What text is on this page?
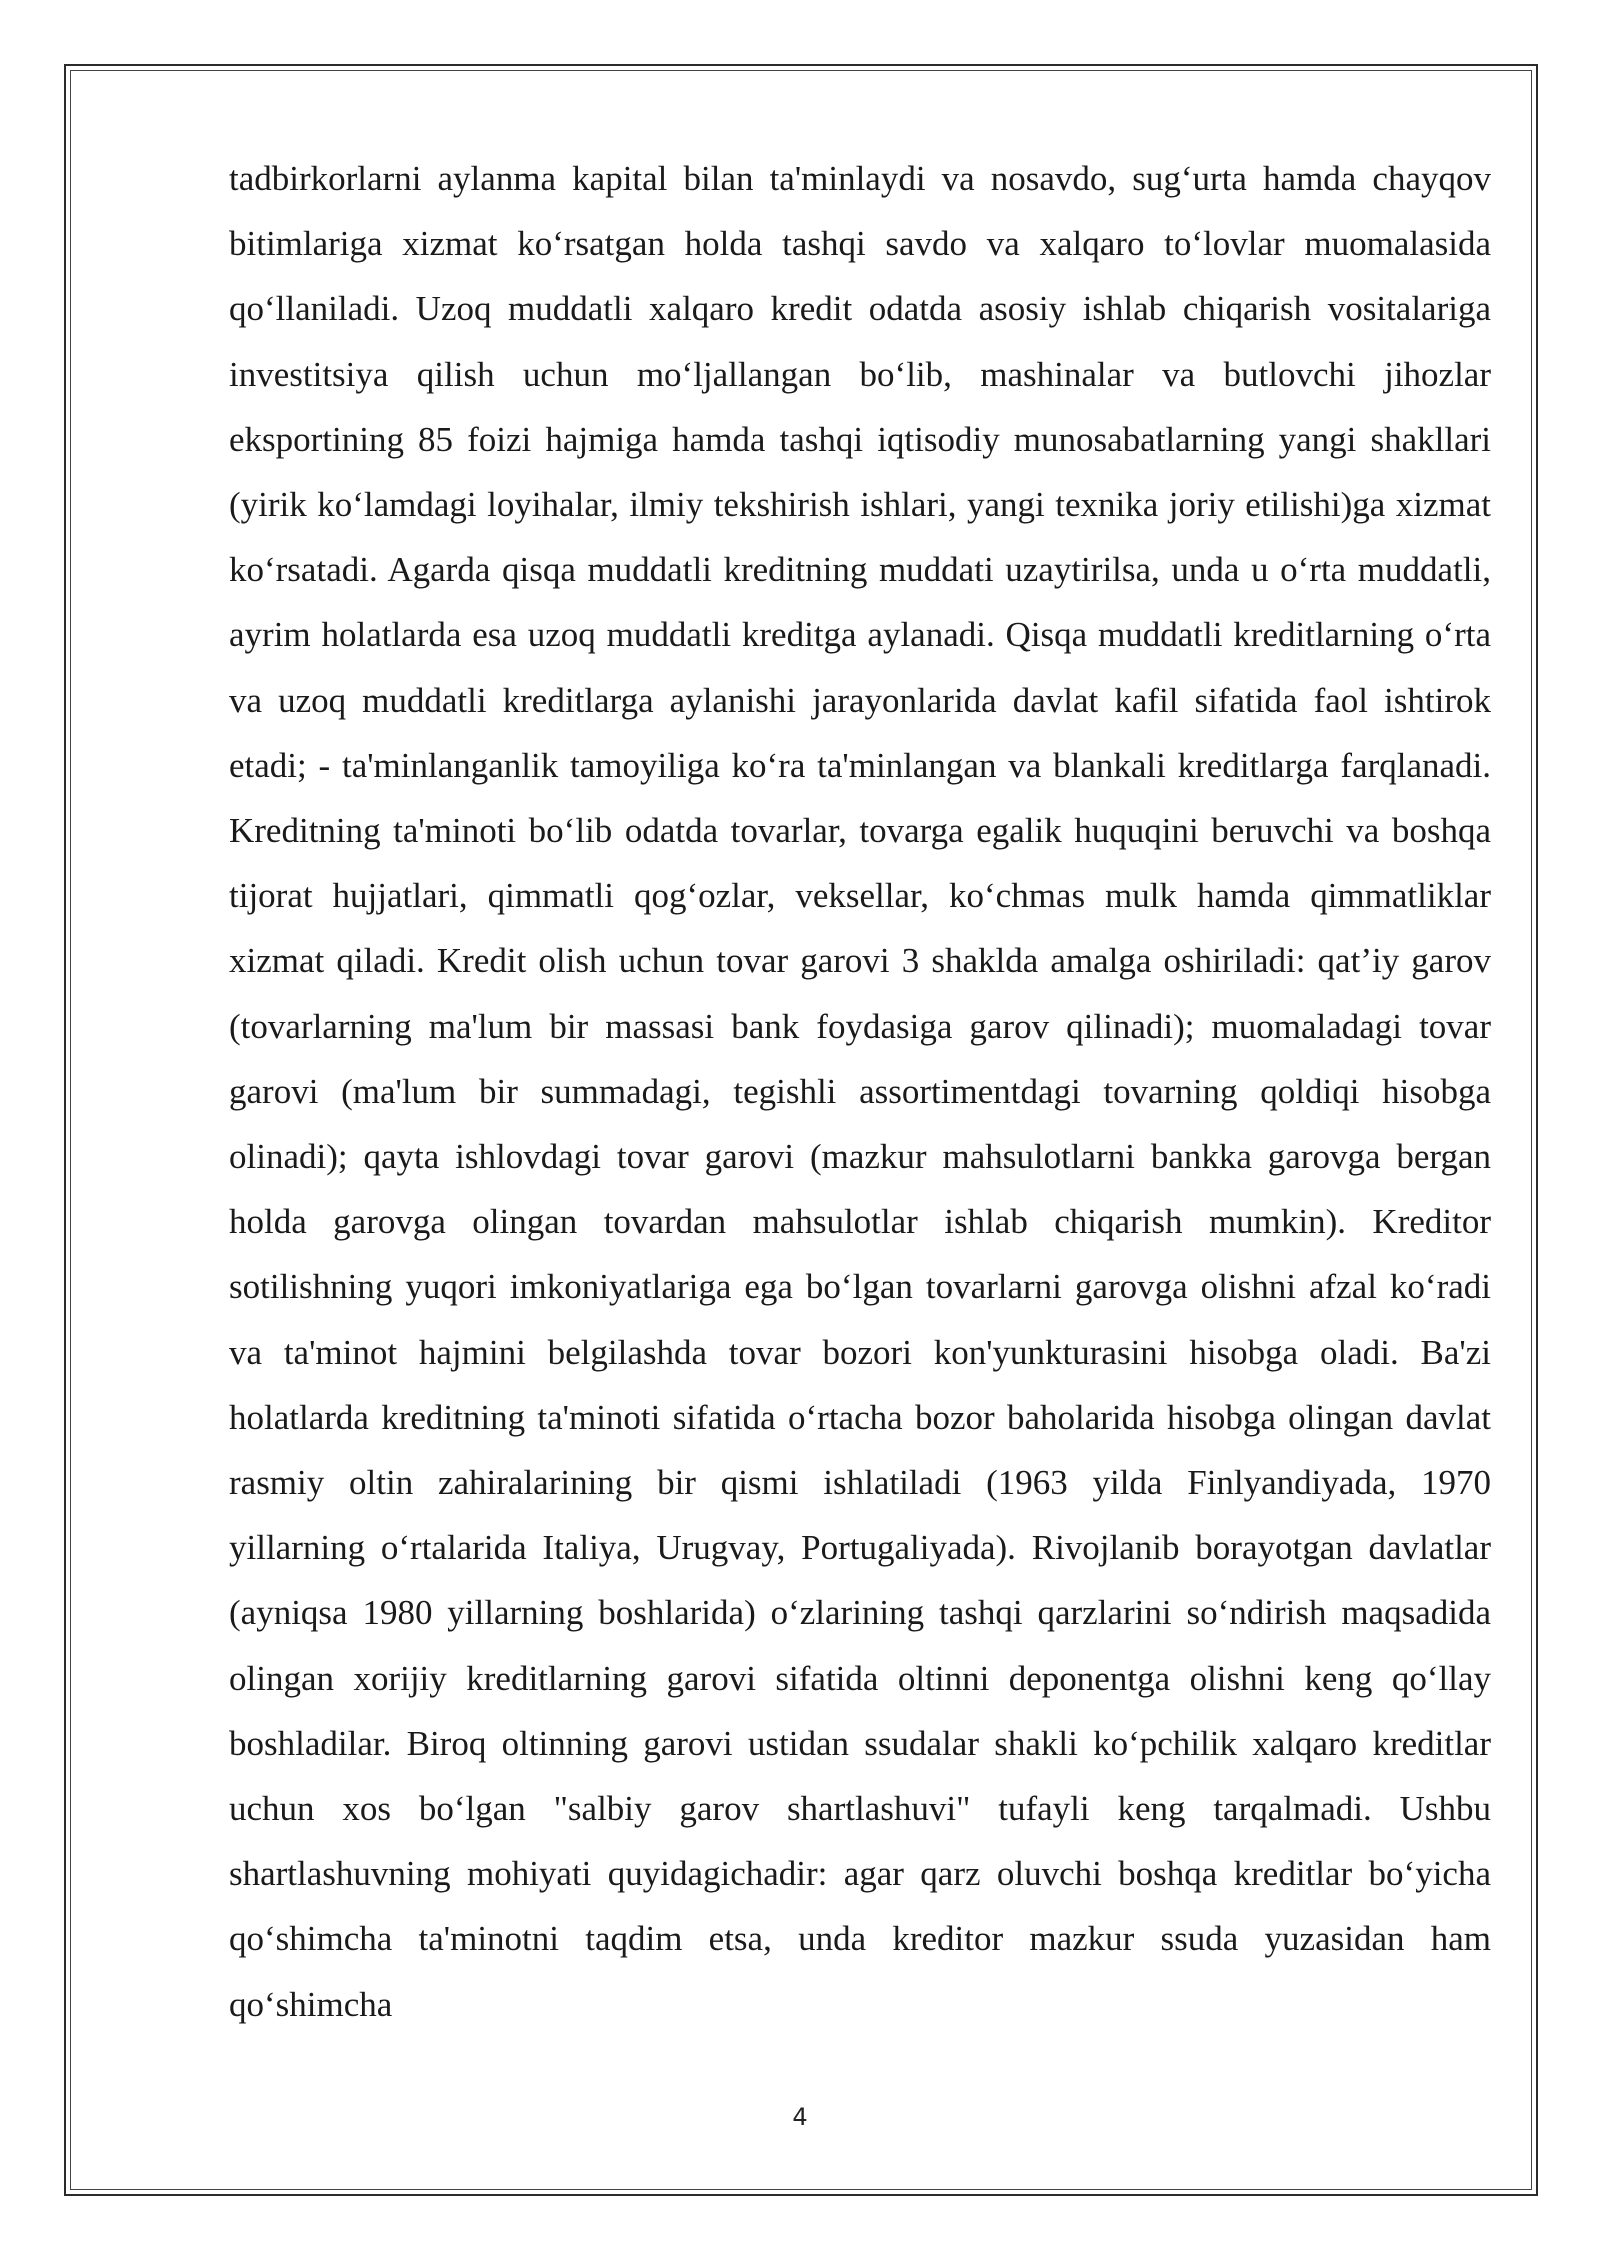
tadbirkorlarni aylanma kapital bilan ta'minlaydi va nosavdo, sug‘urta hamda chayqov bitimlariga xizmat ko‘rsatgan holda tashqi savdo va xalqaro to‘lovlar muomalasida qo‘llaniladi. Uzoq muddatli xalqaro kredit odatda asosiy ishlab chiqarish vositalariga investitsiya qilish uchun mo‘ljallangan bo‘lib, mashinalar va butlovchi jihozlar eksportining 85 foizi hajmiga hamda tashqi iqtisodiy munosabatlarning yangi shakllari (yirik ko‘lamdagi loyihalar, ilmiy tekshirish ishlari, yangi texnika joriy etilishi)ga xizmat ko‘rsatadi. Agarda qisqa muddatli kreditning muddati uzaytirilsa, unda u o‘rta muddatli, ayrim holatlarda esa uzoq muddatli kreditga aylanadi. Qisqa muddatli kreditlarning o‘rta va uzoq muddatli kreditlarga aylanishi jarayonlarida davlat kafil sifatida faol ishtirok etadi; - ta'minlanganlik tamoyiliga ko‘ra ta'minlangan va blankali kreditlarga farqlanadi. Kreditning ta'minoti bo‘lib odatda tovarlar, tovarga egalik huquqini beruvchi va boshqa tijorat hujjatlari, qimmatli qog‘ozlar, veksellar, ko‘chmas mulk hamda qimmatliklar xizmat qiladi. Kredit olish uchun tovar garovi 3 shaklda amalga oshiriladi: qat’iy garov (tovarlarning ma'lum bir massasi bank foydasiga garov qilinadi); muomaladagi tovar garovi (ma'lum bir summadagi, tegishli assortimentdagi tovarning qoldiqi hisobga olinadi); qayta ishlovdagi tovar garovi (mazkur mahsulotlarni bankka garovga bergan holda garovga olingan tovardan mahsulotlar ishlab chiqarish mumkin). Kreditor sotilishning yuqori imkoniyatlariga ega bo‘lgan tovarlarni garovga olishni afzal ko‘radi va ta'minot hajmini belgilashda tovar bozori kon'yunkturasini hisobga oladi. Ba'zi holatlarda kreditning ta'minoti sifatida o‘rtacha bozor baholarida hisobga olingan davlat rasmiy oltin zahiralarining bir qismi ishlatiladi (1963 yilda Finlyandiyada, 1970 yillarning o‘rtalarida Italiya, Urugvay, Portugaliyada). Rivojlanib borayotgan davlatlar (ayniqsa 1980 yillarning boshlarida) o‘zlarining tashqi qarzlarini so‘ndirish maqsadida olingan xorijiy kreditlarning garovi sifatida oltinni deponentga olishni keng qo‘llay boshladilar. Biroq oltinning garovi ustidan ssudalar shakli ko‘pchilik xalqaro kreditlar uchun xos bo‘lgan "salbiy garov shartlashuvi" tufayli keng tarqalmadi. Ushbu shartlashuvning mohiyati quyidagichadir: agar qarz oluvchi boshqa kreditlar bo‘yicha qo‘shimcha ta'minotni taqdim etsa, unda kreditor mazkur ssuda yuzasidan ham qo‘shimcha

4
